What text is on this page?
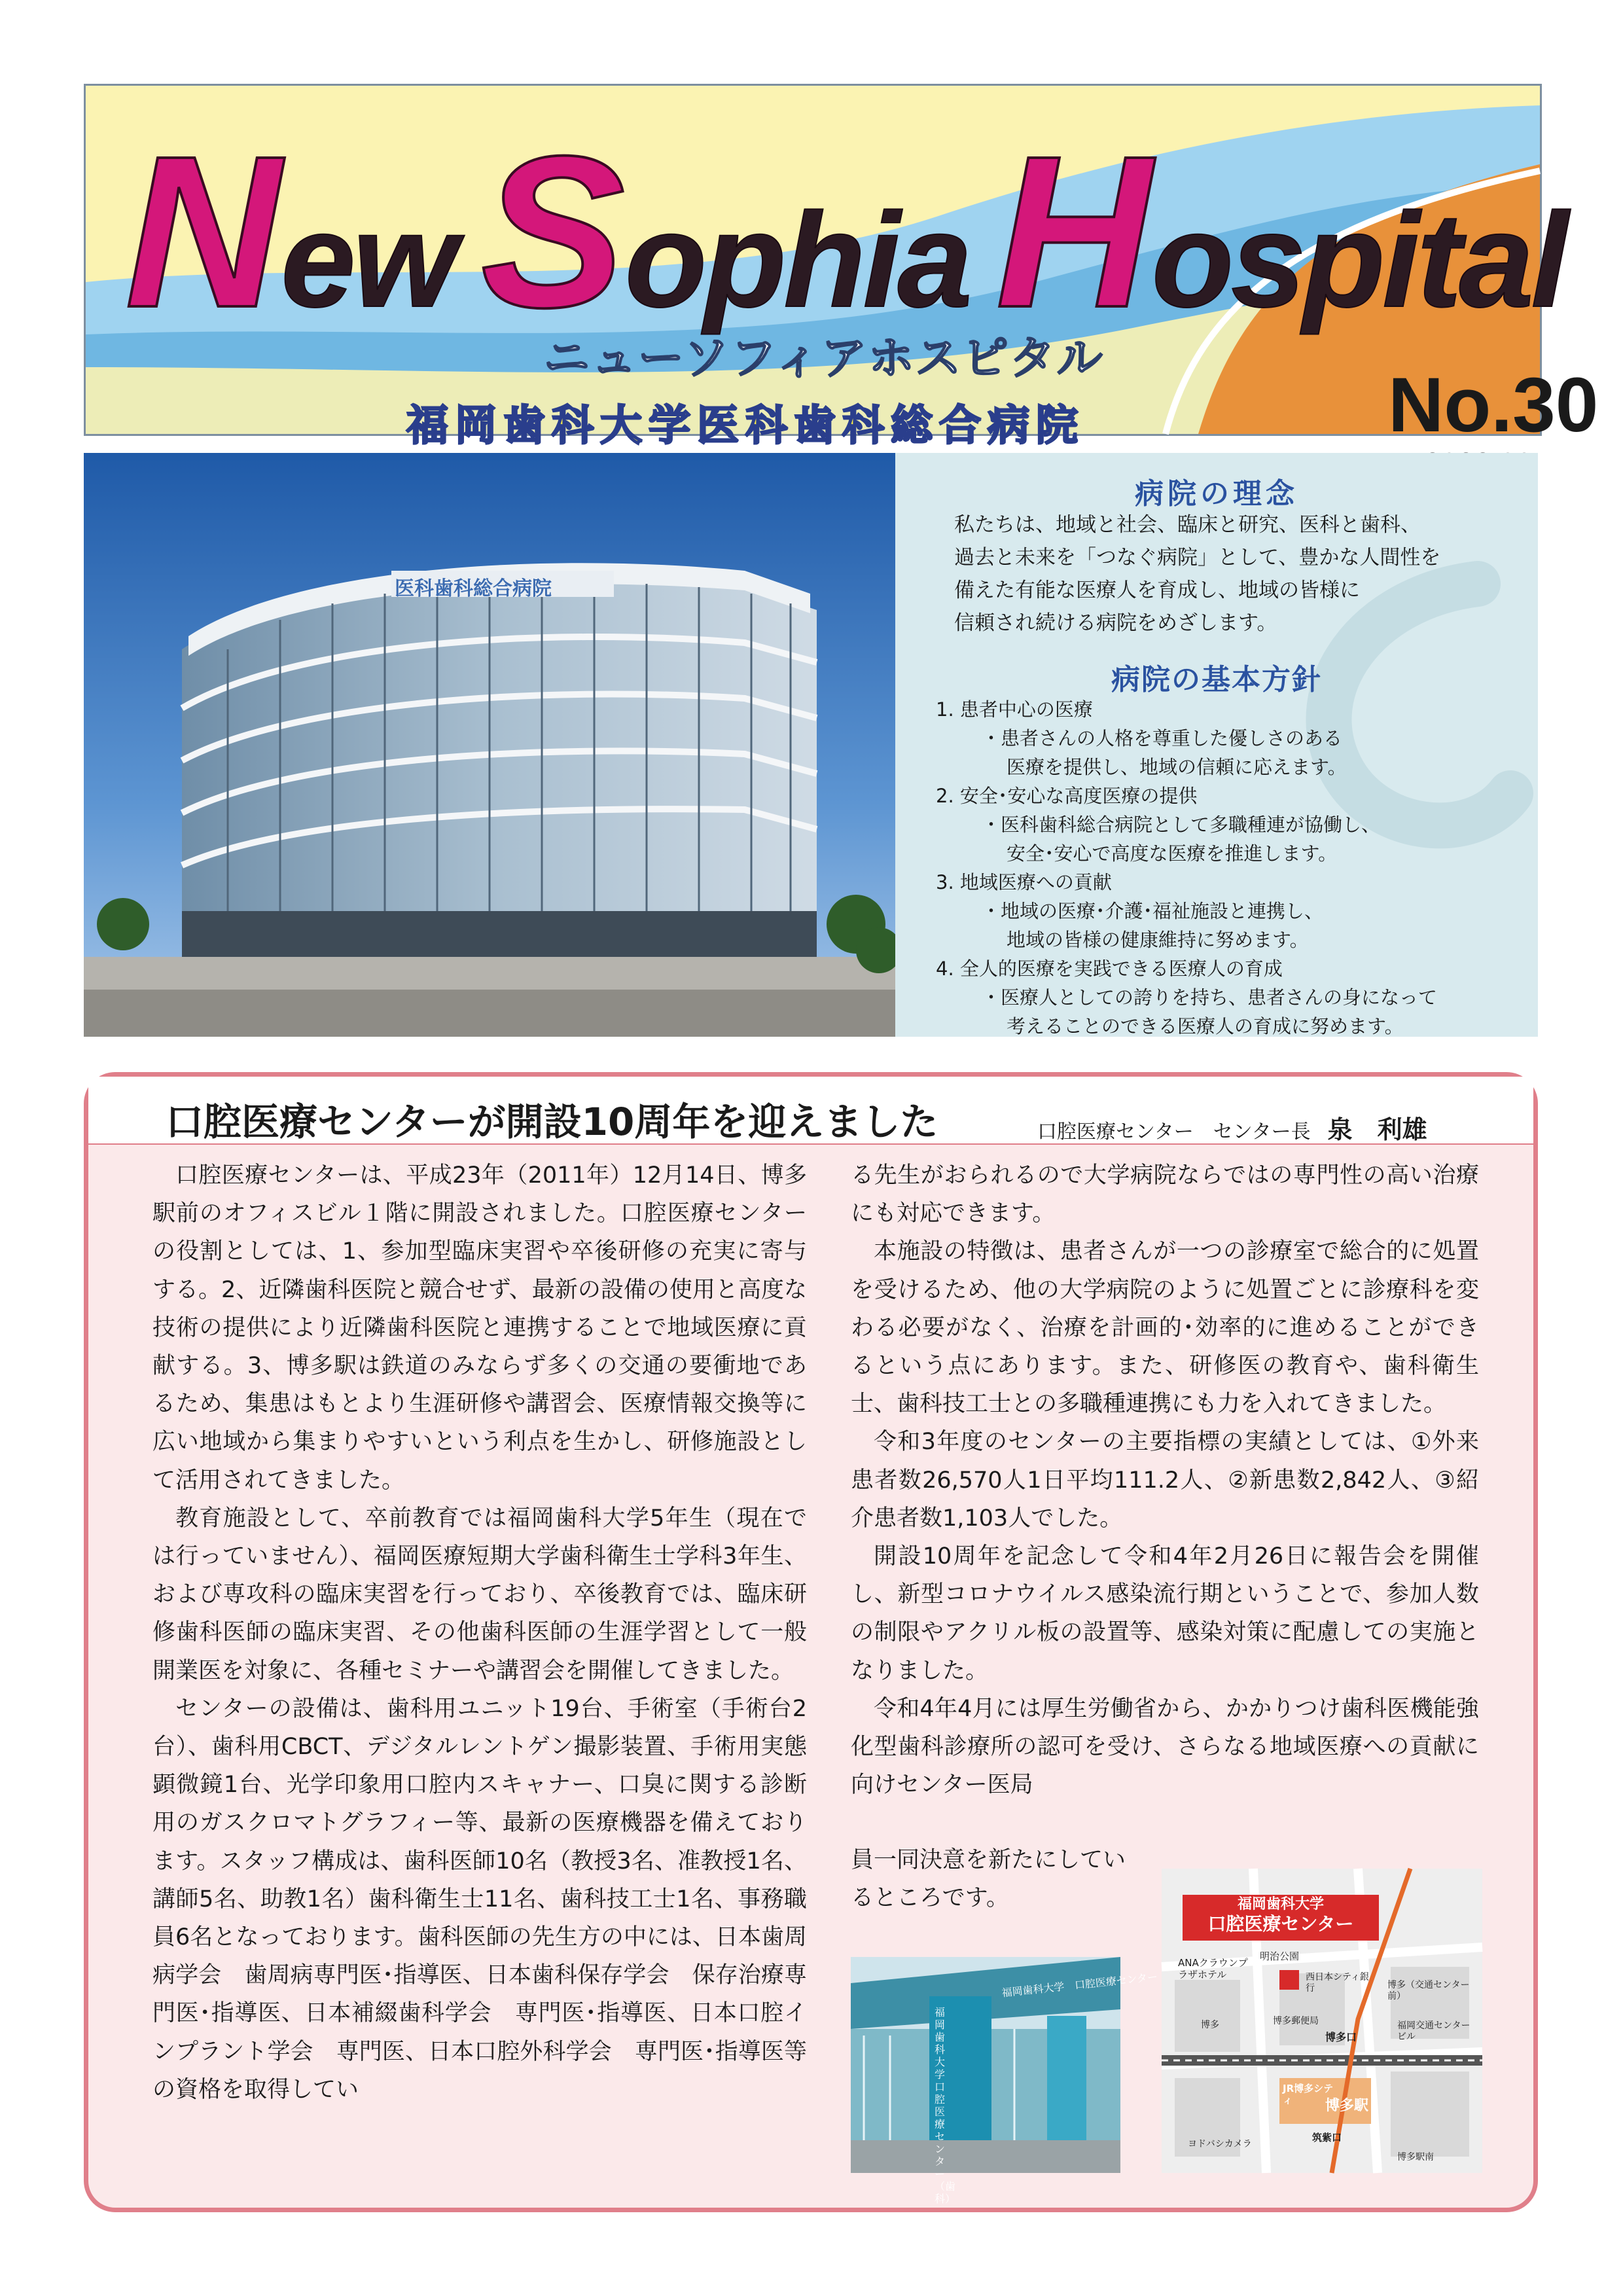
New Sophia Hospital
ニューソフィアホスピタル
福岡歯科大学医科歯科総合病院	No.30
医科歯科総合病院
病院の理念
私たちは、地域と社会、臨床と研究、医科と歯科、
過去と未来を「つなぐ病院」として、豊かな人間性を
備えた有能な医療人を育成し、地域の皆様に
信頼され続ける病院をめざします。
病院の基本方針
1. 患者中心の医療
・患者さんの人格を尊重した優しさのある
医療を提供し、地域の信頼に応えます。
2. 安全･安心な高度医療の提供
・医科歯科総合病院として多職種連が協働し、
安全･安心で高度な医療を推進します。
3. 地域医療への貢献
・地域の医療･介護･福祉施設と連携し、
地域の皆様の健康維持に努めます。
4. 全人的医療を実践できる医療人の育成
・医療人としての誇りを持ち、患者さんの身になって
考えることのできる医療人の育成に努めます。
口腔医療センターが開設10周年を迎えました	口腔医療センター　センター長 泉　利雄

口腔医療センターは、平成23年（2011年）12月14日、博多駅前のオフィスビル１階に開設されました。口腔医療センターの役割としては、1、参加型臨床実習や卒後研修の充実に寄与する。2、近隣歯科医院と競合せず、最新の設備の使用と高度な技術の提供により近隣歯科医院と連携することで地域医療に貢献する。3、博多駅は鉄道のみならず多くの交通の要衝地であるため、集患はもとより生涯研修や講習会、医療情報交換等に広い地域から集まりやすいという利点を生かし、研修施設として活用されてきました。

教育施設として、卒前教育では福岡歯科大学5年生（現在では行っていません）、福岡医療短期大学歯科衛生士学科3年生、および専攻科の臨床実習を行っており、卒後教育では、臨床研修歯科医師の臨床実習、その他歯科医師の生涯学習として一般開業医を対象に、各種セミナーや講習会を開催してきました。

センターの設備は、歯科用ユニット19台、手術室（手術台2台）、歯科用CBCT、デジタルレントゲン撮影装置、手術用実態顕微鏡1台、光学印象用口腔内スキャナー、口臭に関する診断用のガスクロマトグラフィー等、最新の医療機器を備えております。スタッフ構成は、歯科医師10名（教授3名、准教授1名、講師5名、助教1名）歯科衛生士11名、歯科技工士1名、事務職員6名となっております。歯科医師の先生方の中には、日本歯周病学会　歯周病専門医･指導医、日本歯科保存学会　保存治療専門医･指導医、日本補綴歯科学会　専門医･指導医、日本口腔インプラント学会　専門医、日本口腔外科学会　専門医･指導医等の資格を取得してい

る先生がおられるので大学病院ならではの専門性の高い治療にも対応できます。

本施設の特徴は、患者さんが一つの診療室で総合的に処置を受けるため、他の大学病院のように処置ごとに診療科を変わる必要がなく、治療を計画的･効率的に進めることができるという点にあります。また、研修医の教育や、歯科衛生士、歯科技工士との多職種連携にも力を入れてきました。

令和3年度のセンターの主要指標の実績としては、①外来患者数26,570人1日平均111.2人、②新患数2,842人、③紹介患者数1,103人でした。

開設10周年を記念して令和4年2月26日に報告会を開催し、新型コロナウイルス感染流行期ということで、参加人数の制限やアクリル板の設置等、感染対策に配慮しての実施となりました。

令和4年4月には厚生労働省から、かかりつけ歯科医機能強化型歯科診療所の認可を受け、さらなる地域医療への貢献に向けセンター医局

員一同決意を新たにしているところです。
福岡歯科大学口腔医療センター（歯科）
福岡歯科大学　口腔医療センター
福岡歯科大学
口腔医療センター
ANAクラウンプラザホテル
明治公園
西日本シティ銀行	博多（交通センター前）
博多郵便局
博多
博多口
福岡交通センタービル
JR博多シティ	博多駅
筑紫口
ヨドバシカメラ
博多駅南
